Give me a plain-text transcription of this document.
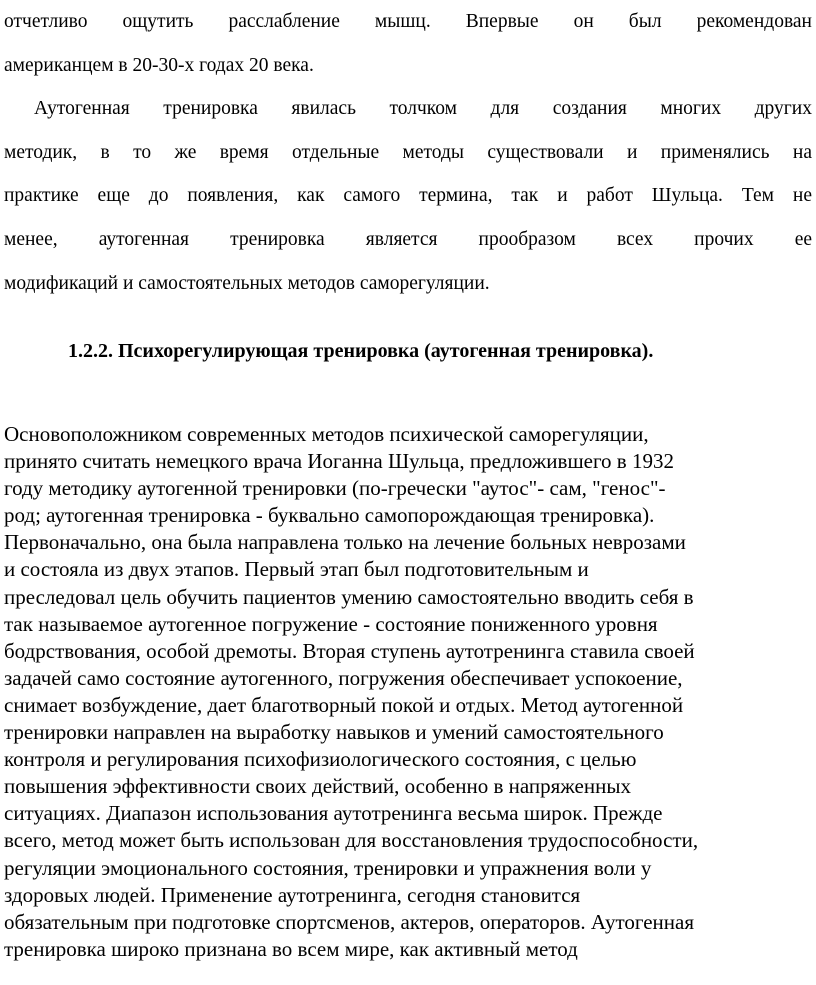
отчетливо ощутить расслабление мышц. Впервые он был рекомендован
американцем в 20-30-х годах 20 века.
Аутогенная тренировка явилась толчком для создания многих других
методик, в то же время отдельные методы существовали и применялись на
практике еще до появления, как самого термина, так и работ Шульца. Тем не
менее, аутогенная тренировка является прообразом всех прочих ее
модификаций и самостоятельных методов саморегуляции.
1.2.2. Психорегулирующая тренировка (аутогенная тренировка).
Основоположником современных методов психической саморегуляции,
принято считать немецкого врача Иоганна Шульца, предложившего в 1932
году методику аутогенной тренировки (по-гречески "аутос"- сам, "генос"-
род; аутогенная тренировка - буквально самопорождающая тренировка).
Первоначально, она была направлена только на лечение больных неврозами
и состояла из двух этапов. Первый этап был подготовительным и
преследовал цель обучить пациентов умению самостоятельно вводить себя в
так называемое аутогенное погружение - состояние пониженного уровня
бодрствования, особой дремоты. Вторая ступень аутотренинга ставила своей
задачей само состояние аутогенного, погружения обеспечивает успокоение,
снимает возбуждение, дает благотворный покой и отдых. Метод аутогенной
тренировки направлен на выработку навыков и умений самостоятельного
контроля и регулирования психофизиологического состояния, с целью
повышения эффективности своих действий, особенно в напряженных
ситуациях. Диапазон использования аутотренинга весьма широк. Прежде
всего, метод может быть использован для восстановления трудоспособности,
регуляции эмоционального состояния, тренировки и упражнения воли у
здоровых людей. Применение аутотренинга, сегодня становится
обязательным при подготовке спортсменов, актеров, операторов. Аутогенная
тренировка широко признана во всем мире, как активный метод
